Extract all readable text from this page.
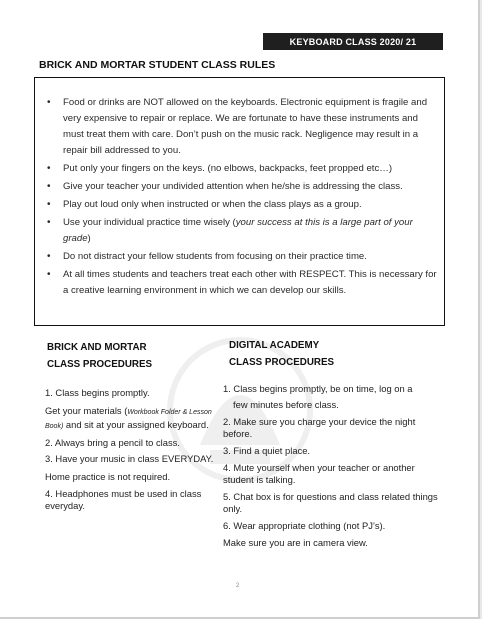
KEYBOARD CLASS 2020/ 21
BRICK AND MORTAR STUDENT CLASS RULES
• Food or drinks are NOT allowed on the keyboards. Electronic equipment is fragile and very expensive to repair or replace. We are fortunate to have these instruments and must treat them with care. Don’t push on the music rack. Negligence may result in a repair bill addressed to you.
• Put only your fingers on the keys. (no elbows, backpacks, feet propped etc…)
• Give your teacher your undivided attention when he/she is addressing the class.
• Play out loud only when instructed or when the class plays as a group.
• Use your individual practice time wisely (your success at this is a large part of your grade)
• Do not distract your fellow students from focusing on their practice time.
• At all times students and teachers treat each other with RESPECT. This is necessary for a creative learning environment in which we can develop our skills.
BRICK AND MORTAR
CLASS PROCEDURES

1. Class begins promptly.

Get your materials (Workbook Folder & Lesson Book) and sit at your assigned keyboard.

2. Always bring a pencil to class.

3. Have your music in class EVERYDAY.

Home practice is not required.

4. Headphones must be used in class everyday.

DIGITAL ACADEMY
CLASS PROCEDURES

1. Class begins promptly, be on time, log on a

few minutes before class.

2. Make sure you charge your device the night before.

3. Find a quiet place.

4. Mute yourself when your teacher or another student is talking.

5. Chat box is for questions and class related things only.

6. Wear appropriate clothing (not PJ’s).

Make sure you are in camera view.

2
